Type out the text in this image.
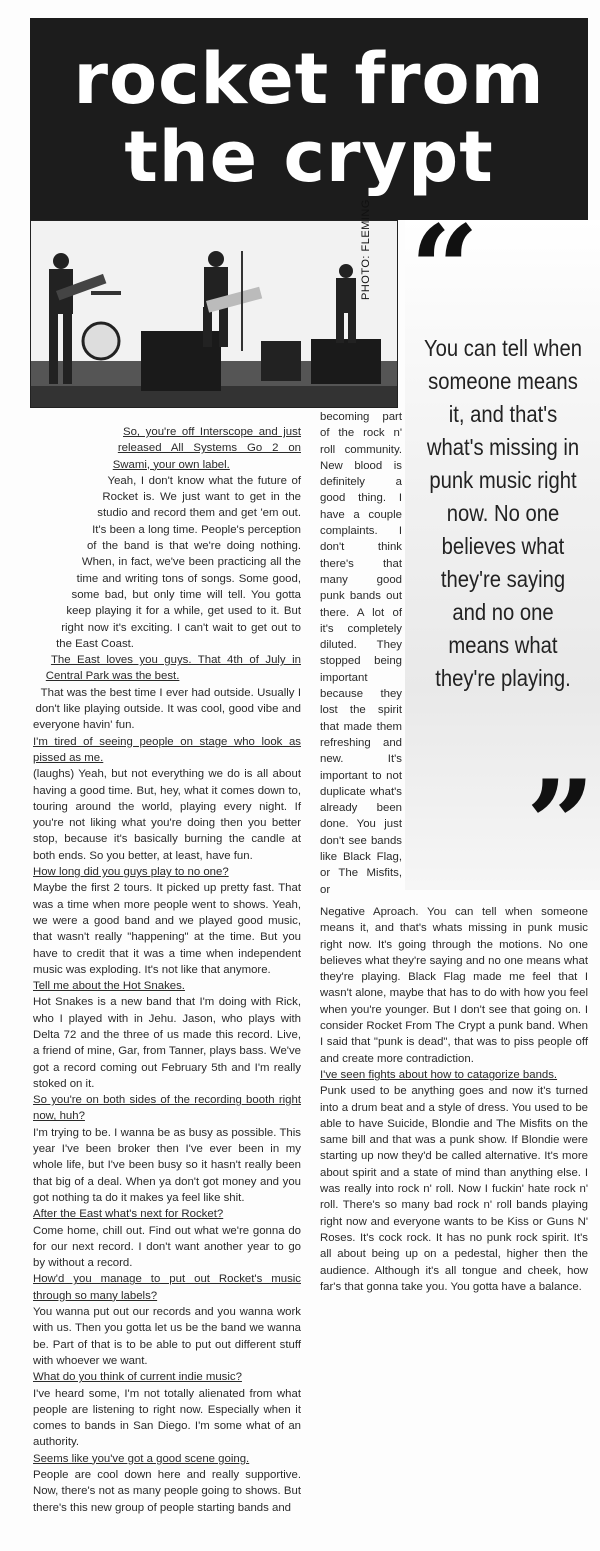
rocket from
the crypt
PHOTO: FLEMING “
You can tell when someone means it, and that's what's missing in punk music right now. No one believes what they're saying and no one means what they're playing.
”

So, you're off Interscope and just released All Systems Go 2 on Swami, your own label.

Yeah, I don't know what the future of Rocket is. We just want to get in the studio and record them and get 'em out. It's been a long time. People's perception of the band is that we're doing nothing. When, in fact, we've been practicing all the time and writing tons of songs. Some good, some bad, but only time will tell. You gotta keep playing it for a while, get used to it. But right now it's exciting. I can't wait to get out to the East Coast.

The East loves you guys. That 4th of July in Central Park was the best.

That was the best time I ever had outside. Usually I don't like playing outside. It was cool, good vibe and everyone havin' fun.

I'm tired of seeing people on stage who look as pissed as me.

(laughs) Yeah, but not everything we do is all about having a good time. But, hey, what it comes down to, touring around the world, playing every night. If you're not liking what you're doing then you better stop, because it's basically burning the candle at both ends. So you better, at least, have fun.

How long did you guys play to no one?

Maybe the first 2 tours. It picked up pretty fast. That was a time when more people went to shows. Yeah, we were a good band and we played good music, that wasn't really "happening" at the time. But you have to credit that it was a time when independent music was exploding. It's not like that anymore.

Tell me about the Hot Snakes.

Hot Snakes is a new band that I'm doing with Rick, who I played with in Jehu. Jason, who plays with Delta 72 and the three of us made this record. Live, a friend of mine, Gar, from Tanner, plays bass. We've got a record coming out February 5th and I'm really stoked on it.

So you're on both sides of the recording booth right now, huh?

I'm trying to be. I wanna be as busy as possible. This year I've been broker then I've ever been in my whole life, but I've been busy so it hasn't really been that big of a deal. When ya don't got money and you got nothing ta do it makes ya feel like shit.

After the East what's next for Rocket?

Come home, chill out. Find out what we're gonna do for our next record. I don't want another year to go by without a record.

How'd you manage to put out Rocket's music through so many labels?

You wanna put out our records and you wanna work with us. Then you gotta let us be the band we wanna be. Part of that is to be able to put out different stuff with whoever we want.

What do you think of current indie music?

I've heard some, I'm not totally alienated from what people are listening to right now. Especially when it comes to bands in San Diego. I'm some what of an authority.

Seems like you've got a good scene going.

People are cool down here and really supportive. Now, there's not as many people going to shows. But there's this new group of people starting bands and

becoming part of the rock n' roll community. New blood is definitely a good thing. I have a couple complaints. I don't think there's that many good punk bands out there. A lot of it's completely diluted. They stopped being important because they lost the spirit that made them refreshing and new. It's important to not duplicate what's already been done. You just don't see bands like Black Flag, or The Misfits, or

Negative Aproach. You can tell when someone means it, and that's whats missing in punk music right now. It's going through the motions. No one believes what they're saying and no one means what they're playing. Black Flag made me feel that I wasn't alone, maybe that has to do with how you feel when you're younger. But I don't see that going on. I consider Rocket From The Crypt a punk band. When I said that "punk is dead", that was to piss people off and create more contradiction.

I've seen fights about how to catagorize bands.

Punk used to be anything goes and now it's turned into a drum beat and a style of dress. You used to be able to have Suicide, Blondie and The Misfits on the same bill and that was a punk show. If Blondie were starting up now they'd be called alternative. It's more about spirit and a state of mind than anything else. I was really into rock n' roll. Now I fuckin' hate rock n' roll. There's so many bad rock n' roll bands playing right now and everyone wants to be Kiss or Guns N' Roses. It's cock rock. It has no punk rock spirit. It's all about being up on a pedestal, higher then the audience. Although it's all tongue and cheek, how far's that gonna take you. You gotta have a balance.
